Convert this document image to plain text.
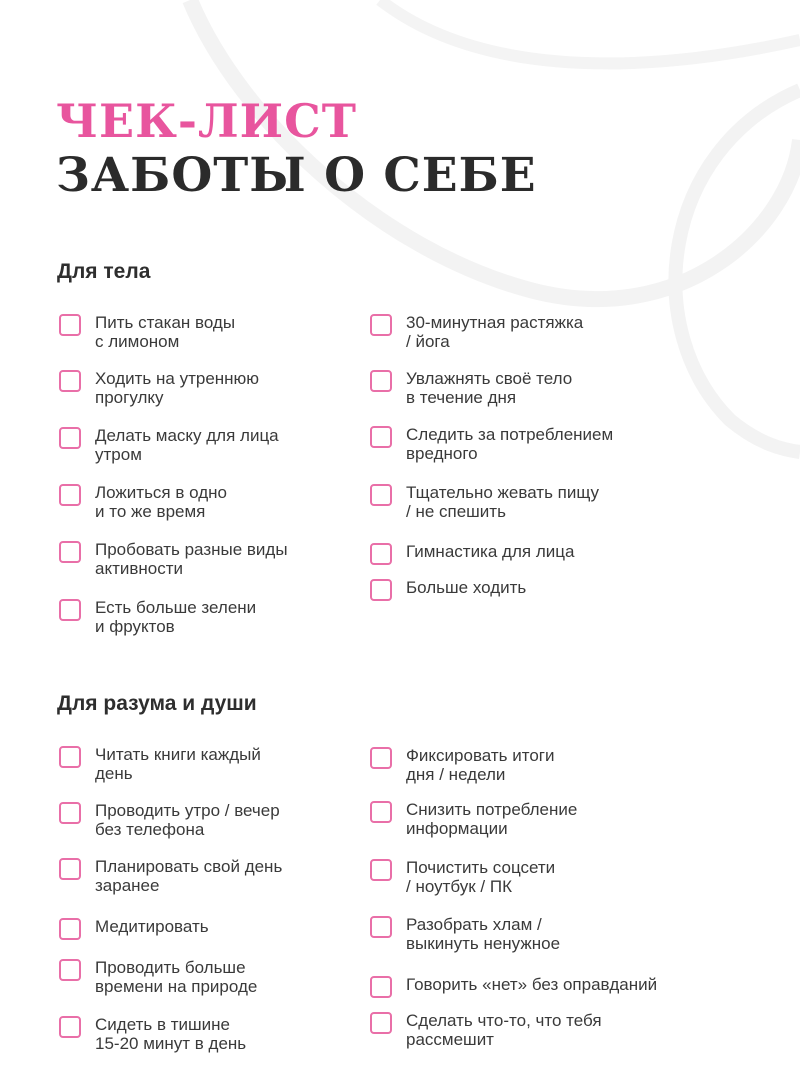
ЧЕК-ЛИСТ
ЗАБОТЫ О СЕБЕ
Для тела
Пить стакан воды
с лимоном
Ходить на утреннюю
прогулку
Делать маску для лица
утром
Ложиться в одно
и то же время
Пробовать разные виды
активности
Есть больше зелени
и фруктов
30-минутная растяжка
/ йога
Увлажнять своё тело
в течение дня
Следить за потреблением
вредного
Тщательно жевать пищу
/ не спешить
Гимнастика для лица
Больше ходить
Для разума и души
Читать книги каждый
день
Проводить утро / вечер
без телефона
Планировать свой день
заранее
Медитировать
Проводить больше
времени на природе
Сидеть в тишине
15-20 минут в день
Фиксировать итоги
дня / недели
Снизить потребление
информации
Почистить соцсети
/ ноутбук / ПК
Разобрать хлам /
выкинуть ненужное
Говорить «нет» без оправданий
Сделать что-то, что тебя
рассмешит
